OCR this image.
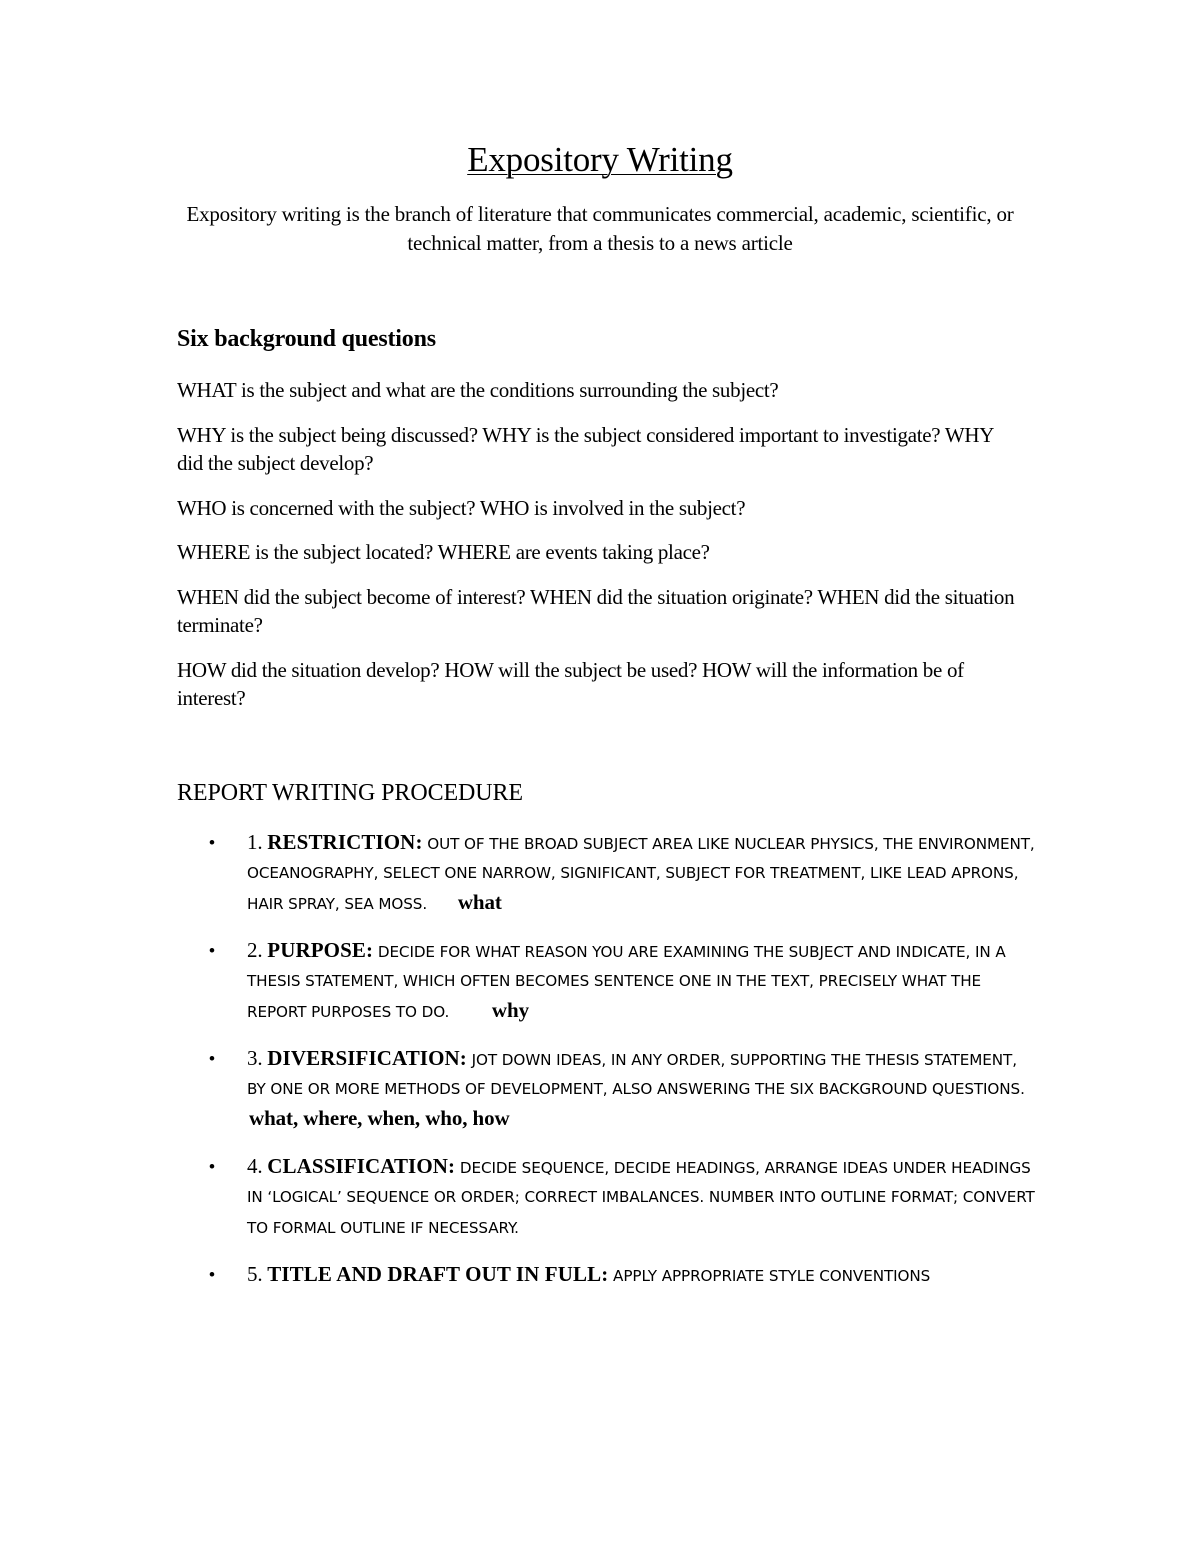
Expository Writing
Expository writing is the branch of literature that communicates commercial, academic, scientific, or technical matter, from a thesis to a news article
Six background questions
WHAT is the subject and what are the conditions surrounding the subject?
WHY is the subject being discussed? WHY is the subject considered important to investigate? WHY did the subject develop?
WHO is concerned with the subject? WHO is involved in the subject?
WHERE is the subject located? WHERE are events taking place?
WHEN did the subject become of interest? WHEN did the situation originate? WHEN did the situation terminate?
HOW did the situation develop? HOW will the subject be used? HOW will the information be of interest?
REPORT WRITING PROCEDURE
• 1. RESTRICTION: OUT OF THE BROAD SUBJECT AREA LIKE NUCLEAR PHYSICS, THE ENVIRONMENT, OCEANOGRAPHY, SELECT ONE NARROW, SIGNIFICANT, SUBJECT FOR TREATMENT, LIKE LEAD APRONS, HAIR SPRAY, SEA MOSS. what
• 2. PURPOSE: DECIDE FOR WHAT REASON YOU ARE EXAMINING THE SUBJECT AND INDICATE, IN A THESIS STATEMENT, WHICH OFTEN BECOMES SENTENCE ONE IN THE TEXT, PRECISELY WHAT THE REPORT PURPOSES TO DO. why
• 3. DIVERSIFICATION: JOT DOWN IDEAS, IN ANY ORDER, SUPPORTING THE THESIS STATEMENT, BY ONE OR MORE METHODS OF DEVELOPMENT, ALSO ANSWERING THE SIX BACKGROUND QUESTIONS. what, where, when, who, how
• 4. CLASSIFICATION: DECIDE SEQUENCE, DECIDE HEADINGS, ARRANGE IDEAS UNDER HEADINGS IN ‘LOGICAL’ SEQUENCE OR ORDER; CORRECT IMBALANCES. NUMBER INTO OUTLINE FORMAT; CONVERT TO FORMAL OUTLINE IF NECESSARY.
• 5. TITLE AND DRAFT OUT IN FULL: APPLY APPROPRIATE STYLE CONVENTIONS
